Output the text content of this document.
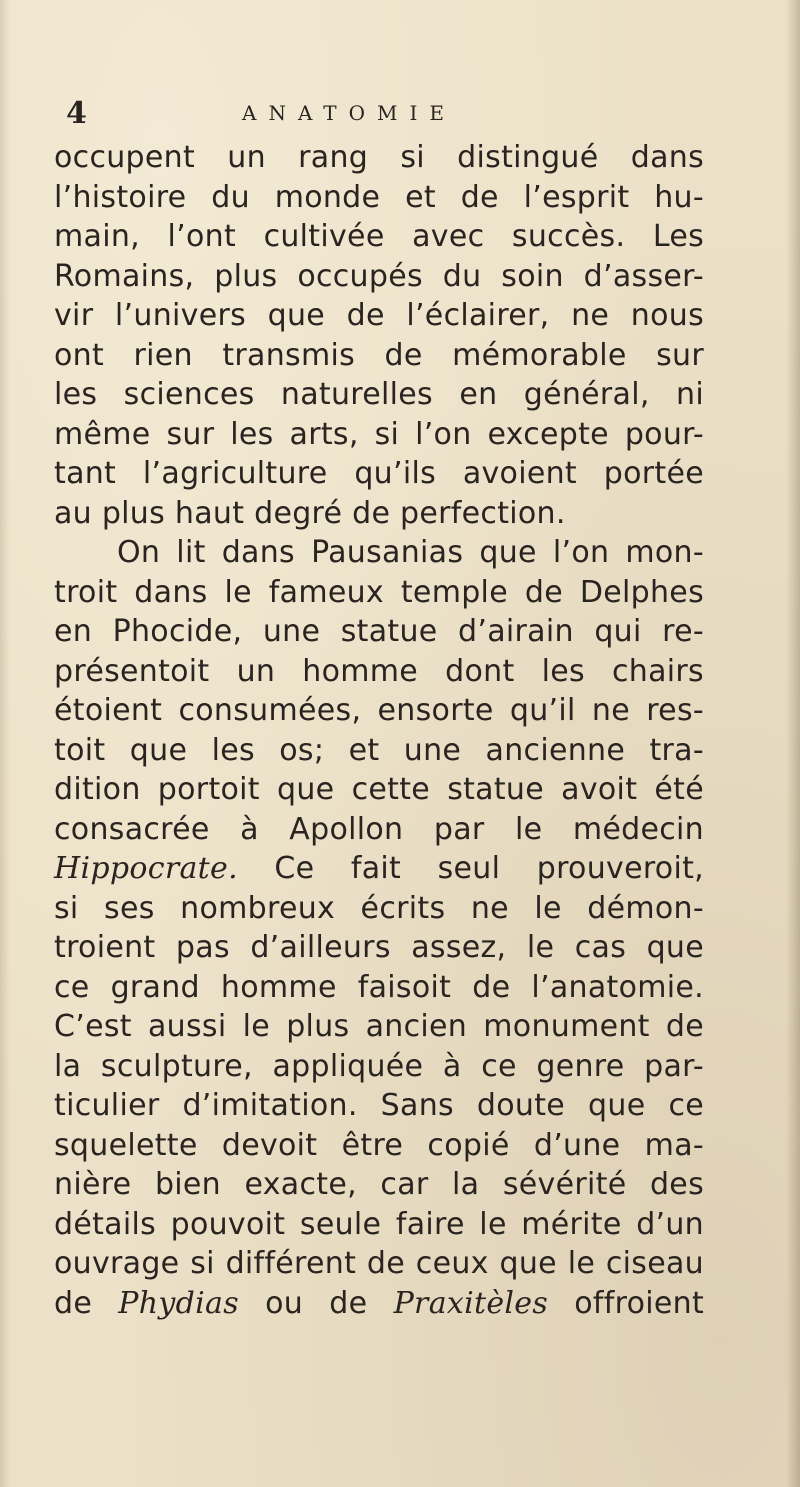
4	ANATOMIE
occupent un rang si distingué dans
l’histoire du monde et de l’esprit hu-
main, l’ont cultivée avec succès. Les
Romains, plus occupés du soin d’asser-
vir l’univers que de l’éclairer, ne nous
ont rien transmis de mémorable sur
les sciences naturelles en général, ni
même sur les arts, si l’on excepte pour-
tant l’agriculture qu’ils avoient portée
au plus haut degré de perfection.
On lit dans Pausanias que l’on mon-
troit dans le fameux temple de Delphes
en Phocide, une statue d’airain qui re-
présentoit un homme dont les chairs
étoient consumées, ensorte qu’il ne res-
toit que les os; et une ancienne tra-
dition portoit que cette statue avoit été
consacrée à Apollon par le médecin
Hippocrate. Ce fait seul prouveroit,
si ses nombreux écrits ne le démon-
troient pas d’ailleurs assez, le cas que
ce grand homme faisoit de l’anatomie.
C’est aussi le plus ancien monument de
la sculpture, appliquée à ce genre par-
ticulier d’imitation. Sans doute que ce
squelette devoit être copié d’une ma-
nière bien exacte, car la sévérité des
détails pouvoit seule faire le mérite d’un
ouvrage si différent de ceux que le ciseau
de Phydias ou de Praxitèles offroient
